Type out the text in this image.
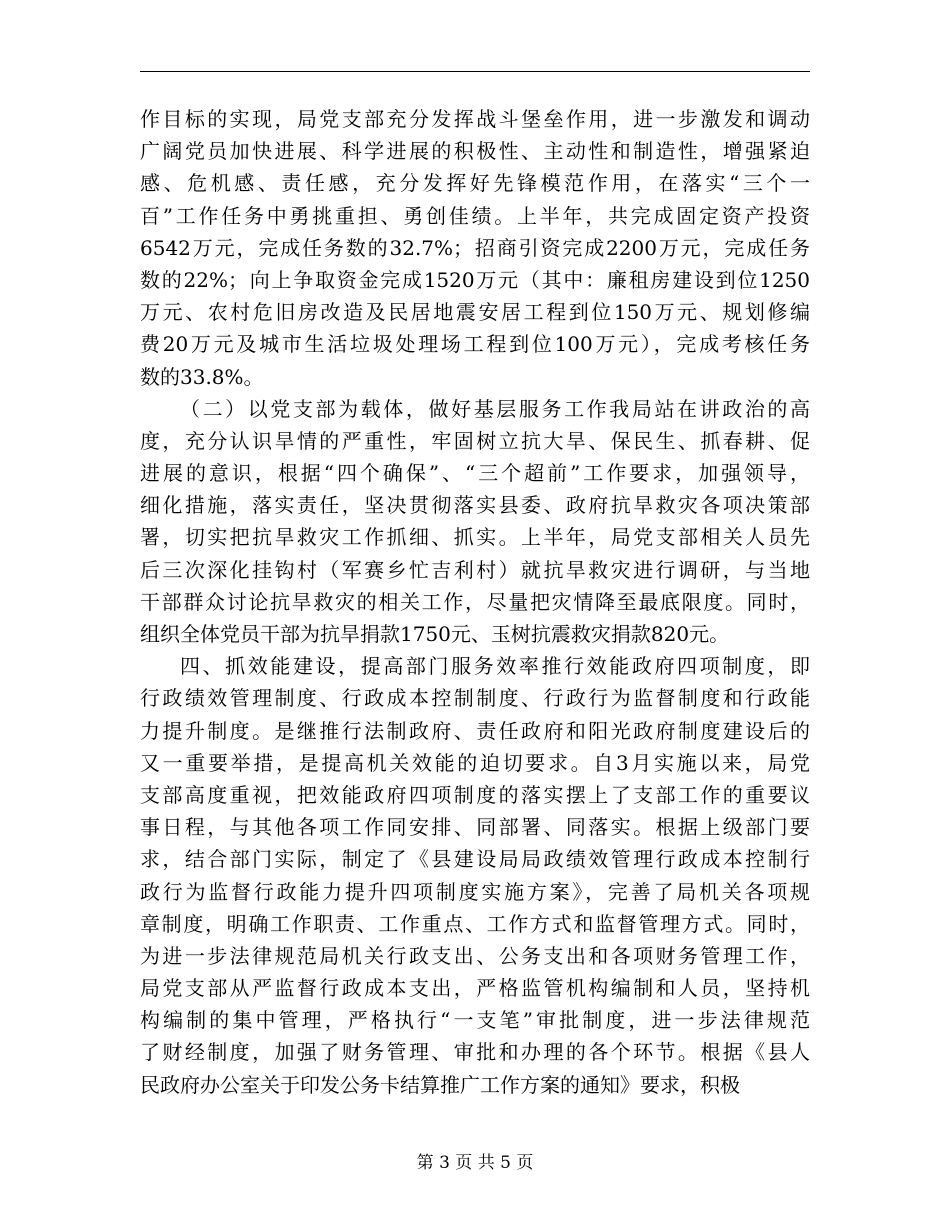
作目标的实现，局党支部充分发挥战斗堡垒作用，进一步激发和调动
广阔党员加快进展、科学进展的积极性、主动性和制造性，增强紧迫
感、危机感、责任感，充分发挥好先锋模范作用，在落实“三个一
百”工作任务中勇挑重担、勇创佳绩。上半年，共完成固定资产投资
6542万元，完成任务数的32.7%；招商引资完成2200万元，完成任务
数的22%；向上争取资金完成1520万元（其中：廉租房建设到位1250
万元、农村危旧房改造及民居地震安居工程到位150万元、规划修编
费20万元及城市生活垃圾处理场工程到位100万元），完成考核任务
数的33.8%。
（二）以党支部为载体，做好基层服务工作我局站在讲政治的高
度，充分认识旱情的严重性，牢固树立抗大旱、保民生、抓春耕、促
进展的意识，根据“四个确保”、“三个超前”工作要求，加强领导，
细化措施，落实责任，坚决贯彻落实县委、政府抗旱救灾各项决策部
署，切实把抗旱救灾工作抓细、抓实。上半年，局党支部相关人员先
后三次深化挂钩村（军赛乡忙吉利村）就抗旱救灾进行调研，与当地
干部群众讨论抗旱救灾的相关工作，尽量把灾情降至最底限度。同时，
组织全体党员干部为抗旱捐款1750元、玉树抗震救灾捐款820元。
四、抓效能建设，提高部门服务效率推行效能政府四项制度，即
行政绩效管理制度、行政成本控制制度、行政行为监督制度和行政能
力提升制度。是继推行法制政府、责任政府和阳光政府制度建设后的
又一重要举措，是提高机关效能的迫切要求。自3月实施以来，局党
支部高度重视，把效能政府四项制度的落实摆上了支部工作的重要议
事日程，与其他各项工作同安排、同部署、同落实。根据上级部门要
求，结合部门实际，制定了《县建设局局政绩效管理行政成本控制行
政行为监督行政能力提升四项制度实施方案》，完善了局机关各项规
章制度，明确工作职责、工作重点、工作方式和监督管理方式。同时，
为进一步法律规范局机关行政支出、公务支出和各项财务管理工作，
局党支部从严监督行政成本支出，严格监管机构编制和人员，坚持机
构编制的集中管理，严格执行“一支笔”审批制度，进一步法律规范
了财经制度，加强了财务管理、审批和办理的各个环节。根据《县人
民政府办公室关于印发公务卡结算推广工作方案的通知》要求，积极
第 3 页 共 5 页
